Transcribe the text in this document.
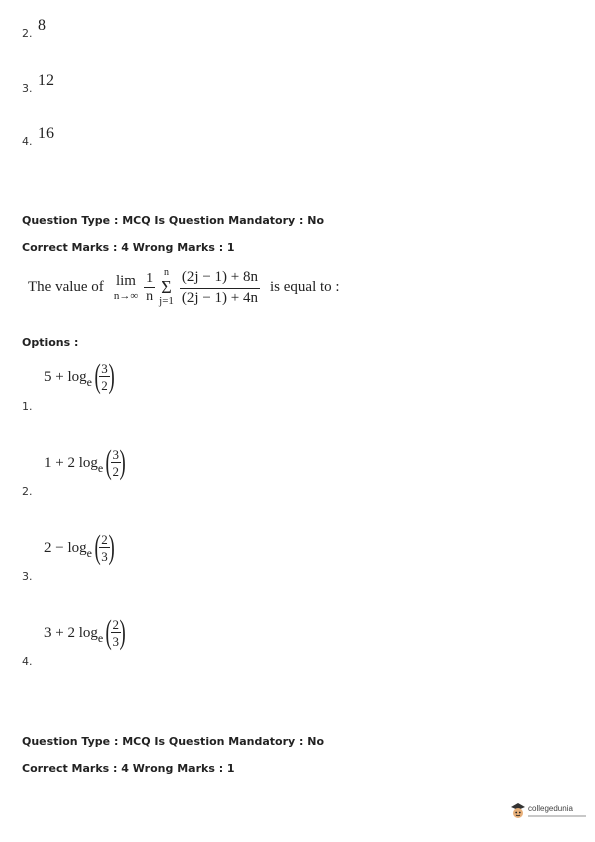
2. 8
3. 12
4. 16
Question Type : MCQ Is Question Mandatory : No
Correct Marks : 4 Wrong Marks : 1
The value of lim
$n\to\infty \frac{1}{n}$ n
Σ
$j=1 \frac{(2j - 1) + 8n}{(2j - 1) + 4n}$ is equal to :
Options :
5 + log e (
$\frac{3}{2}$
)
1.
1 + 2 log e (
$\frac{3}{2}$
)
2.
2 − log e (
$\frac{2}{3}$
)
3.
3 + 2 log e (
$\frac{2}{3}$
)
4.
Question Type : MCQ Is Question Mandatory : No
Correct Marks : 4 Wrong Marks : 1
collegedunia
